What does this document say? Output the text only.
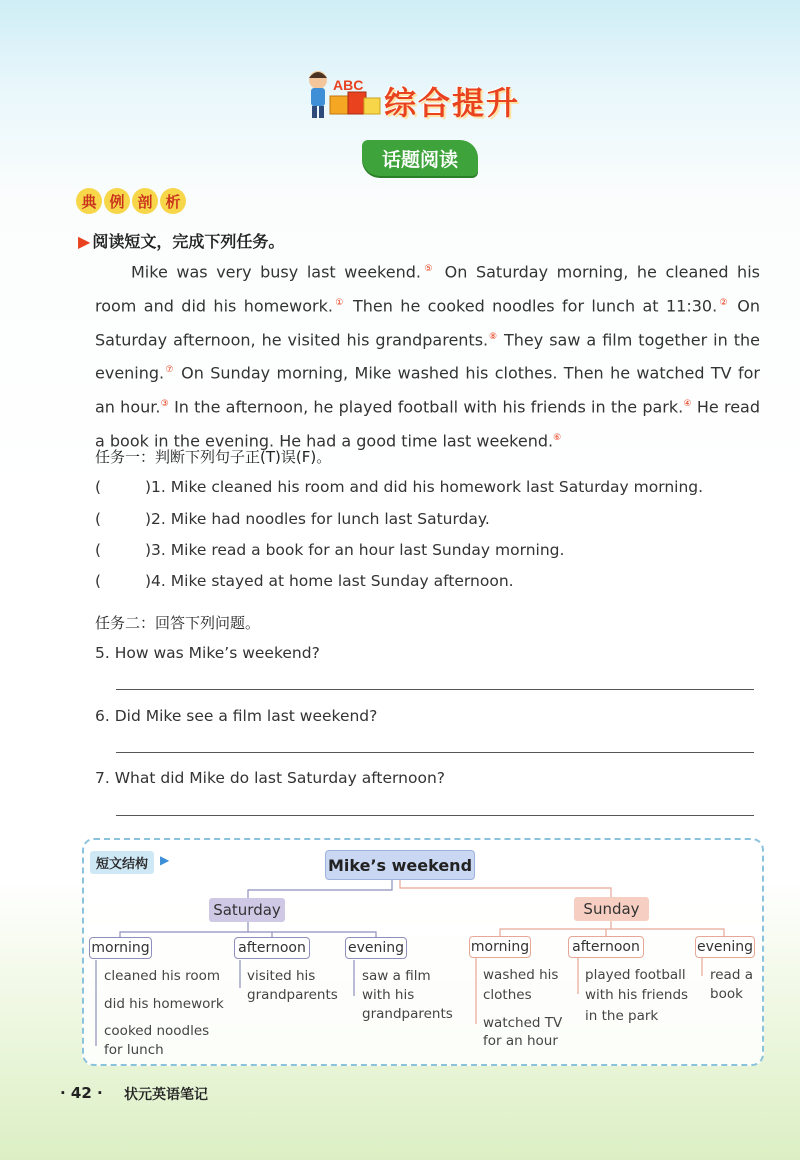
ABC 综合提升
话题阅读
典 例 剖 析
▶ 阅读短文，完成下列任务。

Mike was very busy last weekend.⑤ On Saturday morning, he cleaned his room and did his homework.① Then he cooked noodles for lunch at 11:30.② On Saturday afternoon, he visited his grandparents.⑧ They saw a film together in the evening.⑦ On Sunday morning, Mike washed his clothes. Then he watched TV for an hour.③ In the afternoon, he played football with his friends in the park.④ He read a book in the evening. He had a good time last weekend.⑥

任务一：判断下列句子正(T)误(F)。
(	)1. Mike cleaned his room and did his homework last Saturday morning.
(	)2. Mike had noodles for lunch last Saturday.
(	)3. Mike read a book for an hour last Sunday morning.
(	)4. Mike stayed at home last Sunday afternoon.
任务二：回答下列问题。
5. How was Mike’s weekend?
6. Did Mike see a film last weekend?
7. What did Mike do last Saturday afternoon?
短文结构 ▶	Mike’s weekend
Saturday	Sunday
morning	afternoon	evening
cleaned his room
did his homework
cooked noodles
for lunch
visited his
grandparents
saw a film
with his
grandparents
morning	afternoon	evening
washed his
clothes
watched TV
for an hour
played football
with his friends
in the park
read a
book
· 42 · 状元英语笔记
